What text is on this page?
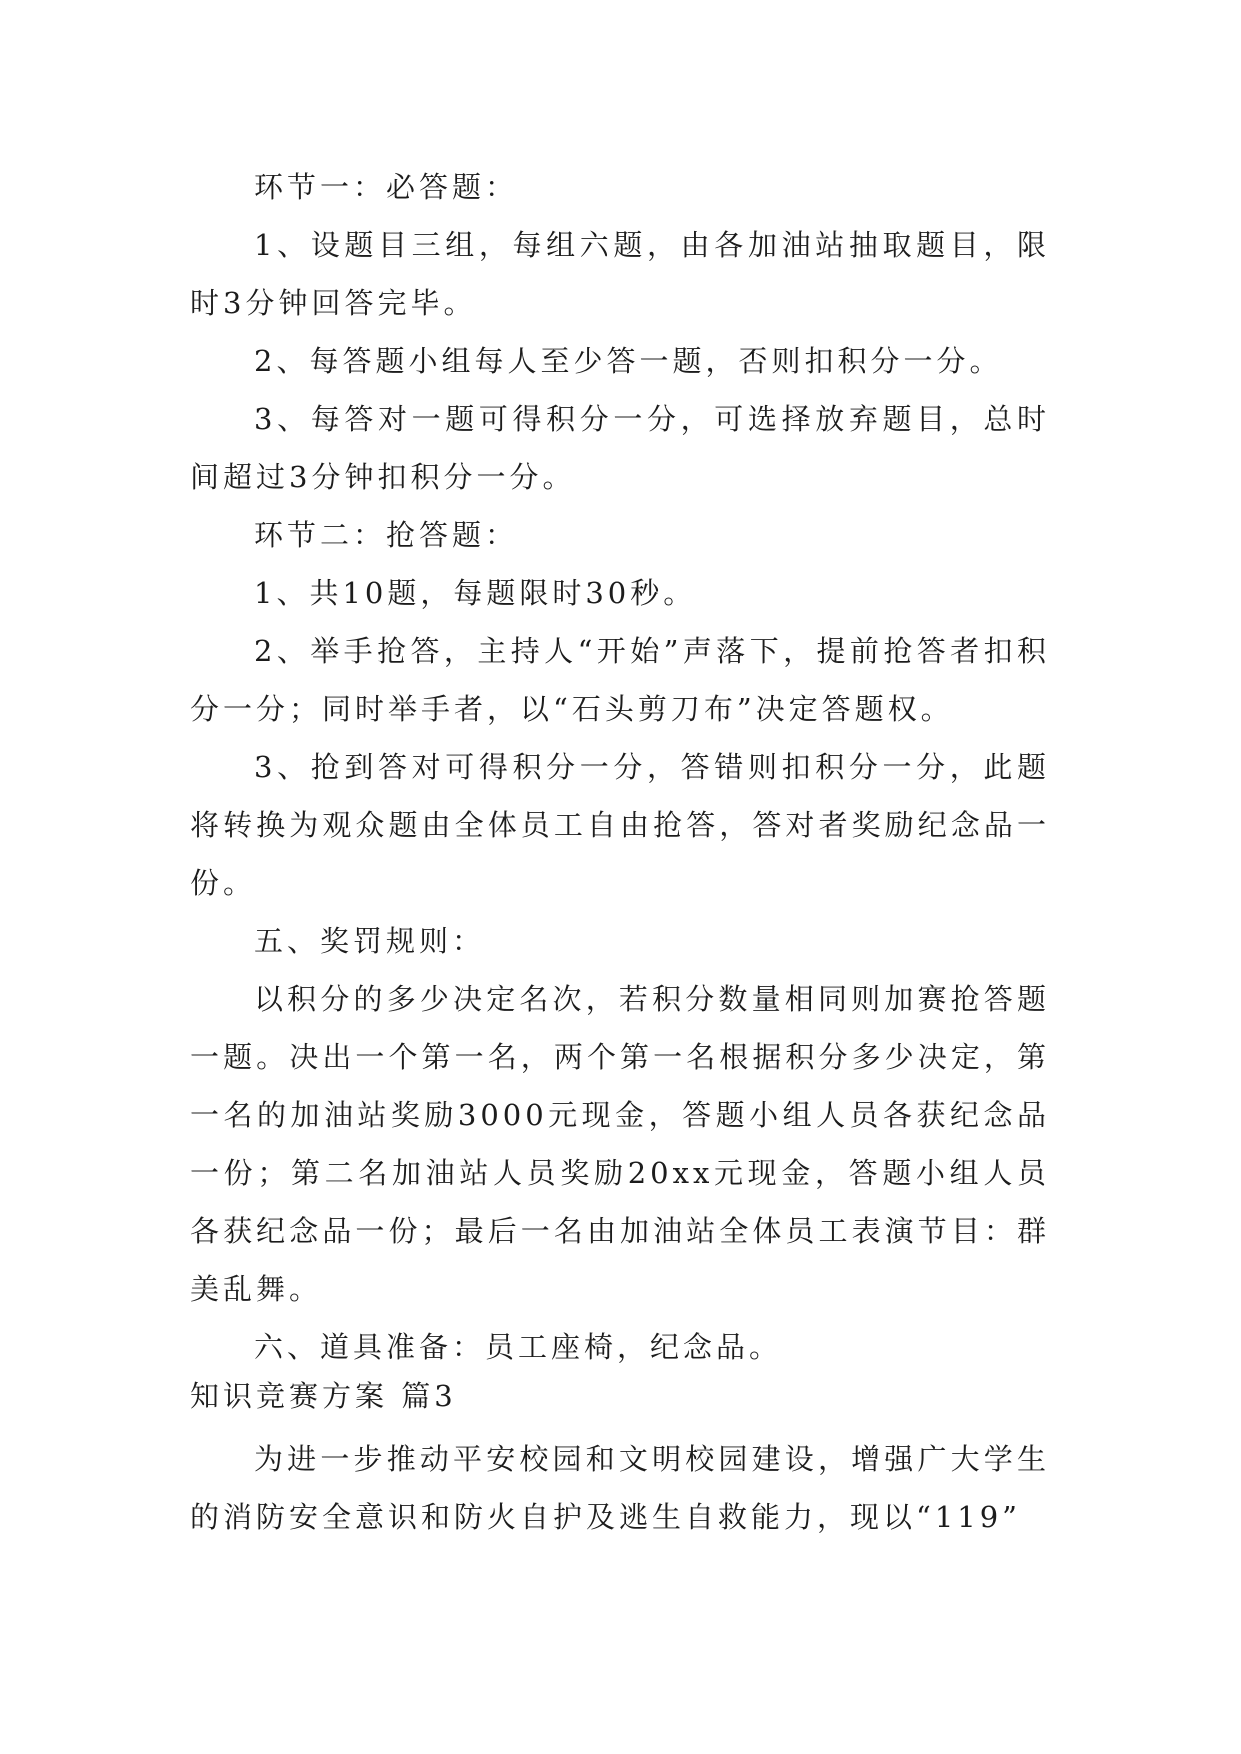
环节一：必答题：

1、设题目三组，每组六题，由各加油站抽取题目，限时3分钟回答完毕。

2、每答题小组每人至少答一题，否则扣积分一分。

3、每答对一题可得积分一分，可选择放弃题目，总时间超过3分钟扣积分一分。

环节二：抢答题：

1、共10题，每题限时30秒。

2、举手抢答，主持人“开始”声落下，提前抢答者扣积分一分；同时举手者，以“石头剪刀布”决定答题权。

3、抢到答对可得积分一分，答错则扣积分一分，此题将转换为观众题由全体员工自由抢答，答对者奖励纪念品一份。

五、奖罚规则：

以积分的多少决定名次，若积分数量相同则加赛抢答题一题。决出一个第一名，两个第一名根据积分多少决定，第一名的加油站奖励3000元现金，答题小组人员各获纪念品一份；第二名加油站人员奖励20xx元现金，答题小组人员各获纪念品一份；最后一名由加油站全体员工表演节目：群美乱舞。

六、道具准备：员工座椅，纪念品。

知识竞赛方案 篇3

为进一步推动平安校园和文明校园建设，增强广大学生的消防安全意识和防火自护及逃生自救能力，现以“119”
